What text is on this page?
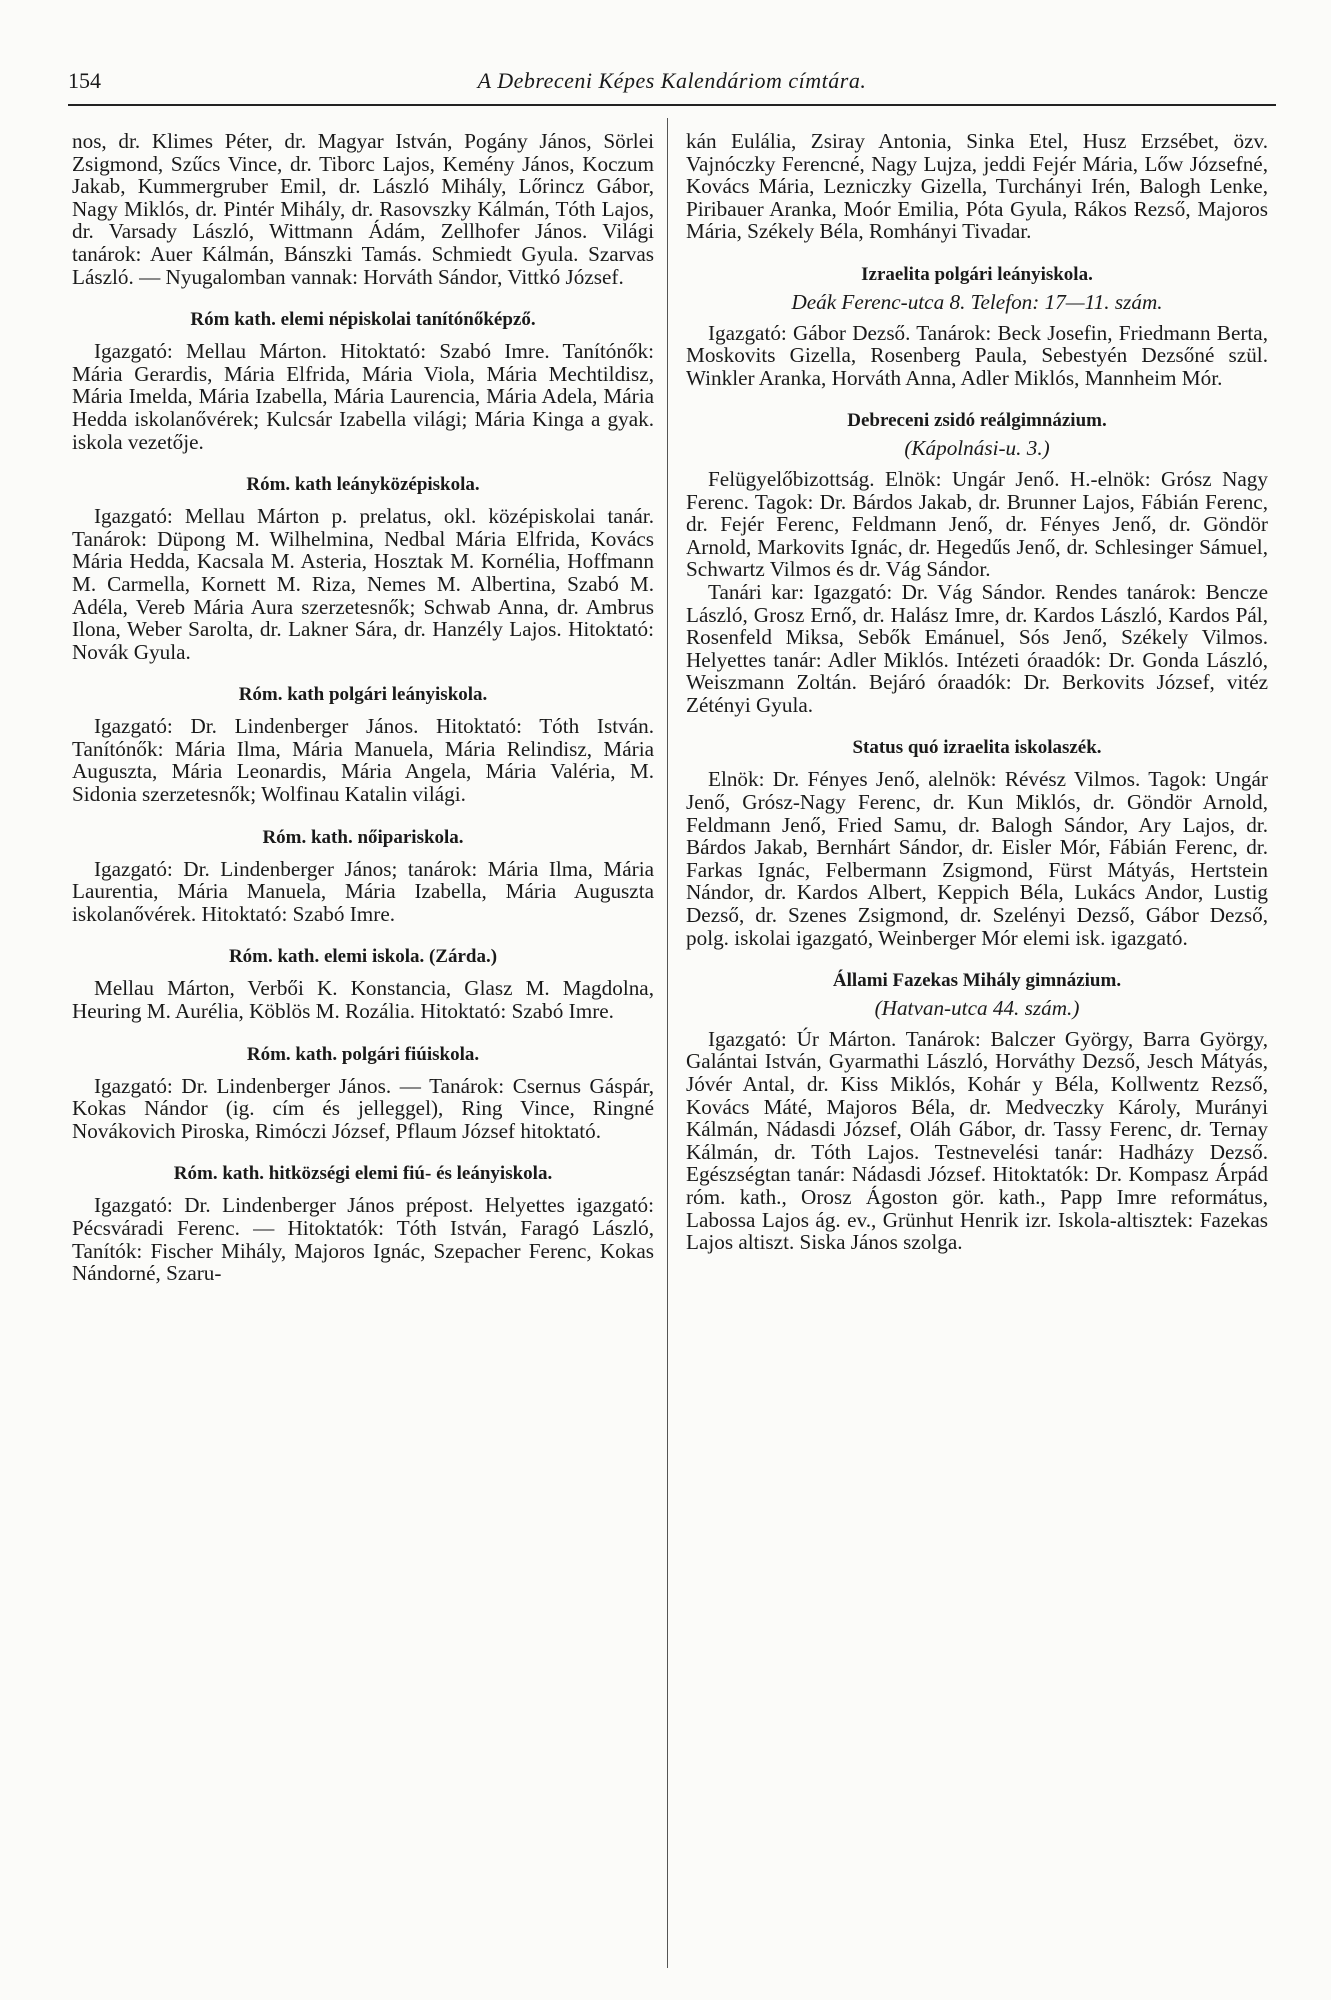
154	A Debreceni Képes Kalendáriom címtára.

nos, dr. Klimes Péter, dr. Magyar István, Pogány János, Sörlei Zsigmond, Szűcs Vince, dr. Tiborc Lajos, Kemény János, Koczum Jakab, Kummergruber Emil, dr. László Mihály, Lőrincz Gábor, Nagy Miklós, dr. Pintér Mihály, dr. Rasovszky Kálmán, Tóth Lajos, dr. Varsady László, Wittmann Ádám, Zellhofer János. Világi tanárok: Auer Kálmán, Bánszki Tamás. Schmiedt Gyula. Szarvas László. — Nyugalomban vannak: Horváth Sándor, Vittkó József.

Róm kath. elemi népiskolai tanítónőképző.

Igazgató: Mellau Márton. Hitoktató: Szabó Imre. Tanítónők: Mária Gerardis, Mária Elfrida, Mária Viola, Mária Mechtildisz, Mária Imelda, Mária Izabella, Mária Laurencia, Mária Adela, Mária Hedda iskolanővérek; Kulcsár Izabella világi; Mária Kinga a gyak. iskola vezetője.

Róm. kath leányközépiskola.

Igazgató: Mellau Márton p. prelatus, okl. középiskolai tanár. Tanárok: Düpong M. Wilhelmina, Nedbal Mária Elfrida, Kovács Mária Hedda, Kacsala M. Asteria, Hosztak M. Kornélia, Hoffmann M. Carmella, Kornett M. Riza, Nemes M. Albertina, Szabó M. Adéla, Vereb Mária Aura szerzetesnők; Schwab Anna, dr. Ambrus Ilona, Weber Sarolta, dr. Lakner Sára, dr. Hanzély Lajos. Hitoktató: Novák Gyula.

Róm. kath polgári leányiskola.

Igazgató: Dr. Lindenberger János. Hitoktató: Tóth István. Tanítónők: Mária Ilma, Mária Manuela, Mária Relindisz, Mária Auguszta, Mária Leonardis, Mária Angela, Mária Valéria, M. Sidonia szerzetesnők; Wolfinau Katalin világi.

Róm. kath. nőipariskola.

Igazgató: Dr. Lindenberger János; tanárok: Mária Ilma, Mária Laurentia, Mária Manuela, Mária Izabella, Mária Auguszta iskolanővérek. Hitoktató: Szabó Imre.

Róm. kath. elemi iskola. (Zárda.)

Mellau Márton, Verbői K. Konstancia, Glasz M. Magdolna, Heuring M. Aurélia, Köblös M. Rozália. Hitoktató: Szabó Imre.

Róm. kath. polgári fiúiskola.

Igazgató: Dr. Lindenberger János. — Tanárok: Csernus Gáspár, Kokas Nándor (ig. cím és jelleggel), Ring Vince, Ringné Novákovich Piroska, Rimóczi József, Pflaum József hitoktató.

Róm. kath. hitközségi elemi fiú- és leányiskola.

Igazgató: Dr. Lindenberger János prépost. Helyettes igazgató: Pécsváradi Ferenc. — Hitoktatók: Tóth István, Faragó László, Tanítók: Fischer Mihály, Majoros Ignác, Szepacher Ferenc, Kokas Nándorné, Szaru-

kán Eulália, Zsiray Antonia, Sinka Etel, Husz Erzsébet, özv. Vajnóczky Ferencné, Nagy Lujza, jeddi Fejér Mária, Lőw Józsefné, Kovács Mária, Lezniczky Gizella, Turchányi Irén, Balogh Lenke, Piribauer Aranka, Moór Emilia, Póta Gyula, Rákos Rezső, Majoros Mária, Székely Béla, Romhányi Tivadar.

Izraelita polgári leányiskola.

Deák Ferenc-utca 8. Telefon: 17—11. szám.

Igazgató: Gábor Dezső. Tanárok: Beck Josefin, Friedmann Berta, Moskovits Gizella, Rosenberg Paula, Sebestyén Dezsőné szül. Winkler Aranka, Horváth Anna, Adler Miklós, Mannheim Mór.

Debreceni zsidó reálgimnázium.

(Kápolnási-u. 3.)

Felügyelőbizottság. Elnök: Ungár Jenő. H.-elnök: Grósz Nagy Ferenc. Tagok: Dr. Bárdos Jakab, dr. Brunner Lajos, Fábián Ferenc, dr. Fejér Ferenc, Feldmann Jenő, dr. Fényes Jenő, dr. Göndör Arnold, Markovits Ignác, dr. Hegedűs Jenő, dr. Schlesinger Sámuel, Schwartz Vilmos és dr. Vág Sándor.

Tanári kar: Igazgató: Dr. Vág Sándor. Rendes tanárok: Bencze László, Grosz Ernő, dr. Halász Imre, dr. Kardos László, Kardos Pál, Rosenfeld Miksa, Sebők Emánuel, Sós Jenő, Székely Vilmos. Helyettes tanár: Adler Miklós. Intézeti óraadók: Dr. Gonda László, Weiszmann Zoltán. Bejáró óraadók: Dr. Berkovits József, vitéz Zétényi Gyula.

Status quó izraelita iskolaszék.

Elnök: Dr. Fényes Jenő, alelnök: Révész Vilmos. Tagok: Ungár Jenő, Grósz-Nagy Ferenc, dr. Kun Miklós, dr. Göndör Arnold, Feldmann Jenő, Fried Samu, dr. Balogh Sándor, Ary Lajos, dr. Bárdos Jakab, Bernhárt Sándor, dr. Eisler Mór, Fábián Ferenc, dr. Farkas Ignác, Felbermann Zsigmond, Fürst Mátyás, Hertstein Nándor, dr. Kardos Albert, Keppich Béla, Lukács Andor, Lustig Dezső, dr. Szenes Zsigmond, dr. Szelényi Dezső, Gábor Dezső, polg. iskolai igazgató, Weinberger Mór elemi isk. igazgató.

Állami Fazekas Mihály gimnázium.

(Hatvan-utca 44. szám.)

Igazgató: Úr Márton. Tanárok: Balczer György, Barra György, Galántai István, Gyarmathi László, Horváthy Dezső, Jesch Mátyás, Jóvér Antal, dr. Kiss Miklós, Kohár y Béla, Kollwentz Rezső, Kovács Máté, Majoros Béla, dr. Medveczky Károly, Murányi Kálmán, Nádasdi József, Oláh Gábor, dr. Tassy Ferenc, dr. Ternay Kálmán, dr. Tóth Lajos. Testnevelési tanár: Hadházy Dezső. Egészségtan tanár: Nádasdi József. Hitoktatók: Dr. Kompasz Árpád róm. kath., Orosz Ágoston gör. kath., Papp Imre református, Labossa Lajos ág. ev., Grünhut Henrik izr. Iskola-altisztek: Fazekas Lajos altiszt. Siska János szolga.
